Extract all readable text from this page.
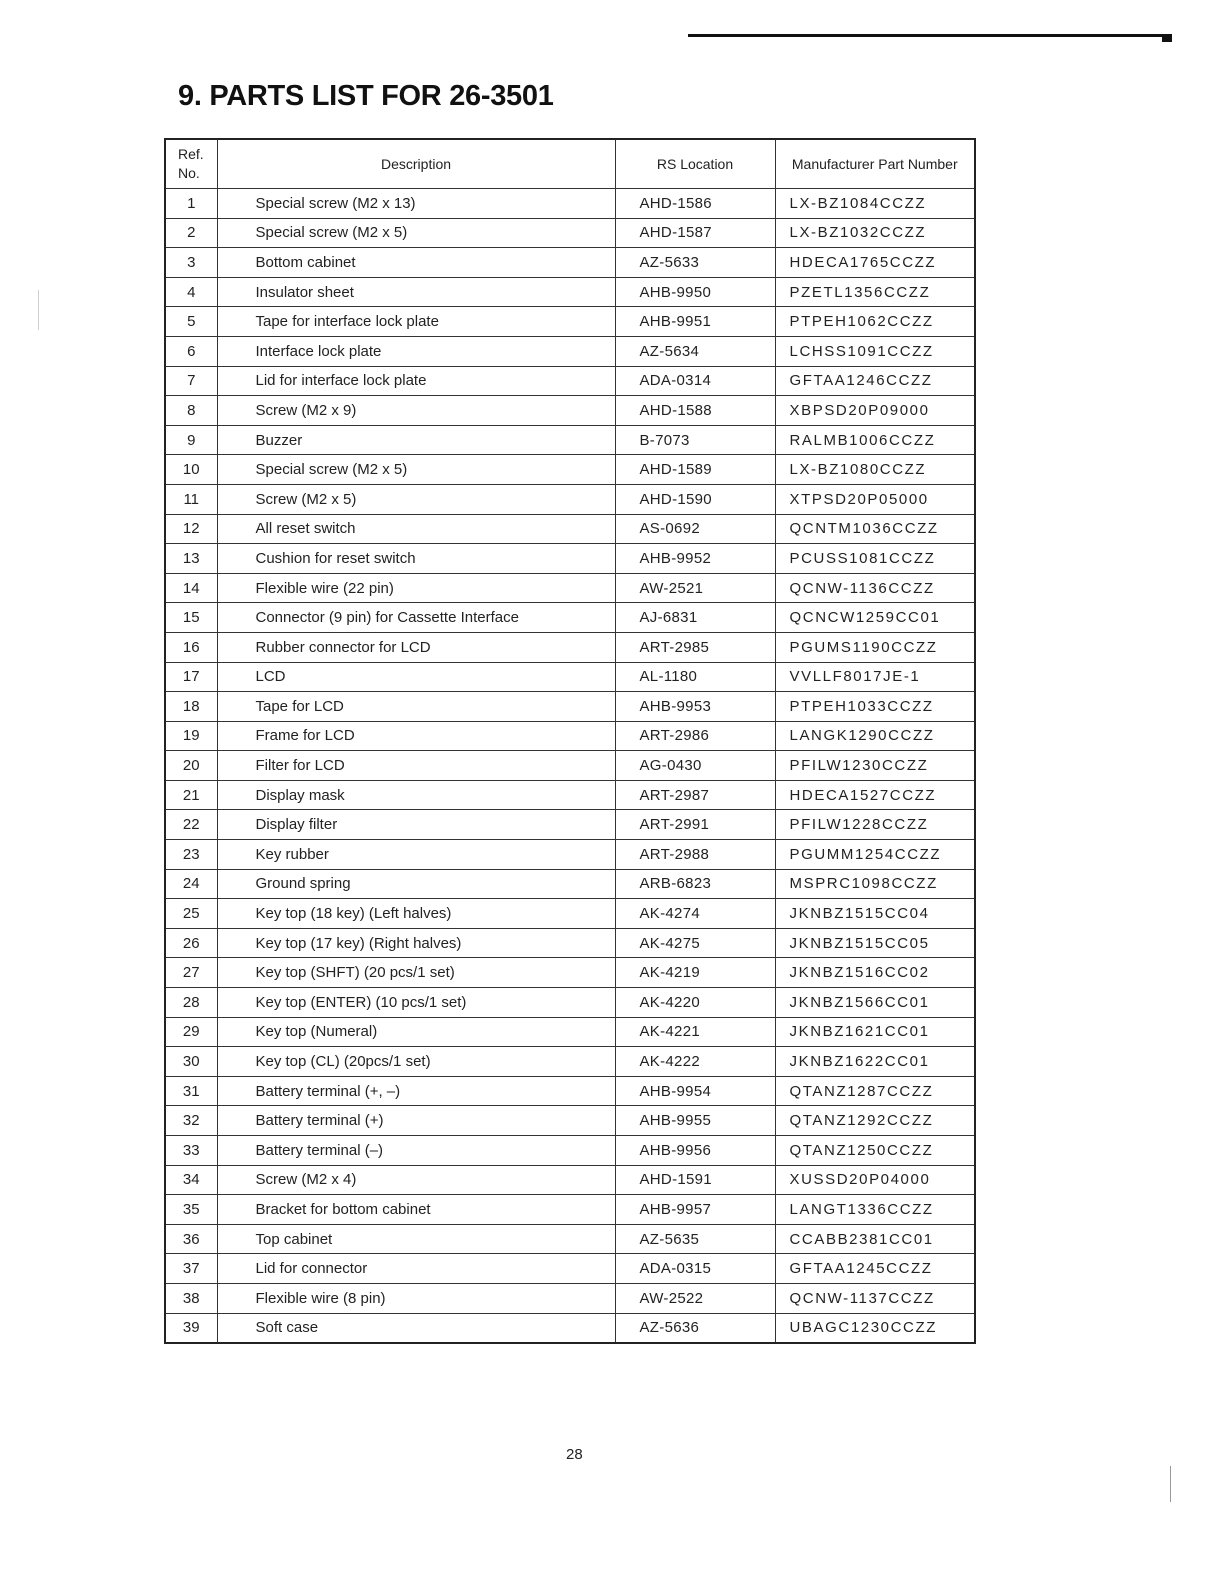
9. PARTS LIST FOR 26-3501
Ref. No.	Description	RS Location	Manufacturer Part Number
1	Special screw (M2 x 13)	AHD-1586	LX-BZ1084CCZZ
2	Special screw (M2 x 5)	AHD-1587	LX-BZ1032CCZZ
3	Bottom cabinet	AZ-5633	HDECA1765CCZZ
4	Insulator sheet	AHB-9950	PZETL1356CCZZ
5	Tape for interface lock plate	AHB-9951	PTPEH1062CCZZ
6	Interface lock plate	AZ-5634	LCHSS1091CCZZ
7	Lid for interface lock plate	ADA-0314	GFTAA1246CCZZ
8	Screw (M2 x 9)	AHD-1588	XBPSD20P09000
9	Buzzer	B-7073	RALMB1006CCZZ
10	Special screw (M2 x 5)	AHD-1589	LX-BZ1080CCZZ
11	Screw (M2 x 5)	AHD-1590	XTPSD20P05000
12	All reset switch	AS-0692	QCNTM1036CCZZ
13	Cushion for reset switch	AHB-9952	PCUSS1081CCZZ
14	Flexible wire (22 pin)	AW-2521	QCNW-1136CCZZ
15	Connector (9 pin) for Cassette Interface	AJ-6831	QCNCW1259CC01
16	Rubber connector for LCD	ART-2985	PGUMS1190CCZZ
17	LCD	AL-1180	VVLLF8017JE-1
18	Tape for LCD	AHB-9953	PTPEH1033CCZZ
19	Frame for LCD	ART-2986	LANGK1290CCZZ
20	Filter for LCD	AG-0430	PFILW1230CCZZ
21	Display mask	ART-2987	HDECA1527CCZZ
22	Display filter	ART-2991	PFILW1228CCZZ
23	Key rubber	ART-2988	PGUMM1254CCZZ
24	Ground spring	ARB-6823	MSPRC1098CCZZ
25	Key top (18 key) (Left halves)	AK-4274	JKNBZ1515CC04
26	Key top (17 key) (Right halves)	AK-4275	JKNBZ1515CC05
27	Key top (SHFT) (20 pcs/1 set)	AK-4219	JKNBZ1516CC02
28	Key top (ENTER) (10 pcs/1 set)	AK-4220	JKNBZ1566CC01
29	Key top (Numeral)	AK-4221	JKNBZ1621CC01
30	Key top (CL) (20pcs/1 set)	AK-4222	JKNBZ1622CC01
31	Battery terminal (+, –)	AHB-9954	QTANZ1287CCZZ
32	Battery terminal (+)	AHB-9955	QTANZ1292CCZZ
33	Battery terminal (–)	AHB-9956	QTANZ1250CCZZ
34	Screw (M2 x 4)	AHD-1591	XUSSD20P04000
35	Bracket for bottom cabinet	AHB-9957	LANGT1336CCZZ
36	Top cabinet	AZ-5635	CCABB2381CC01
37	Lid for connector	ADA-0315	GFTAA1245CCZZ
38	Flexible wire (8 pin)	AW-2522	QCNW-1137CCZZ
39	Soft case	AZ-5636	UBAGC1230CCZZ
28
